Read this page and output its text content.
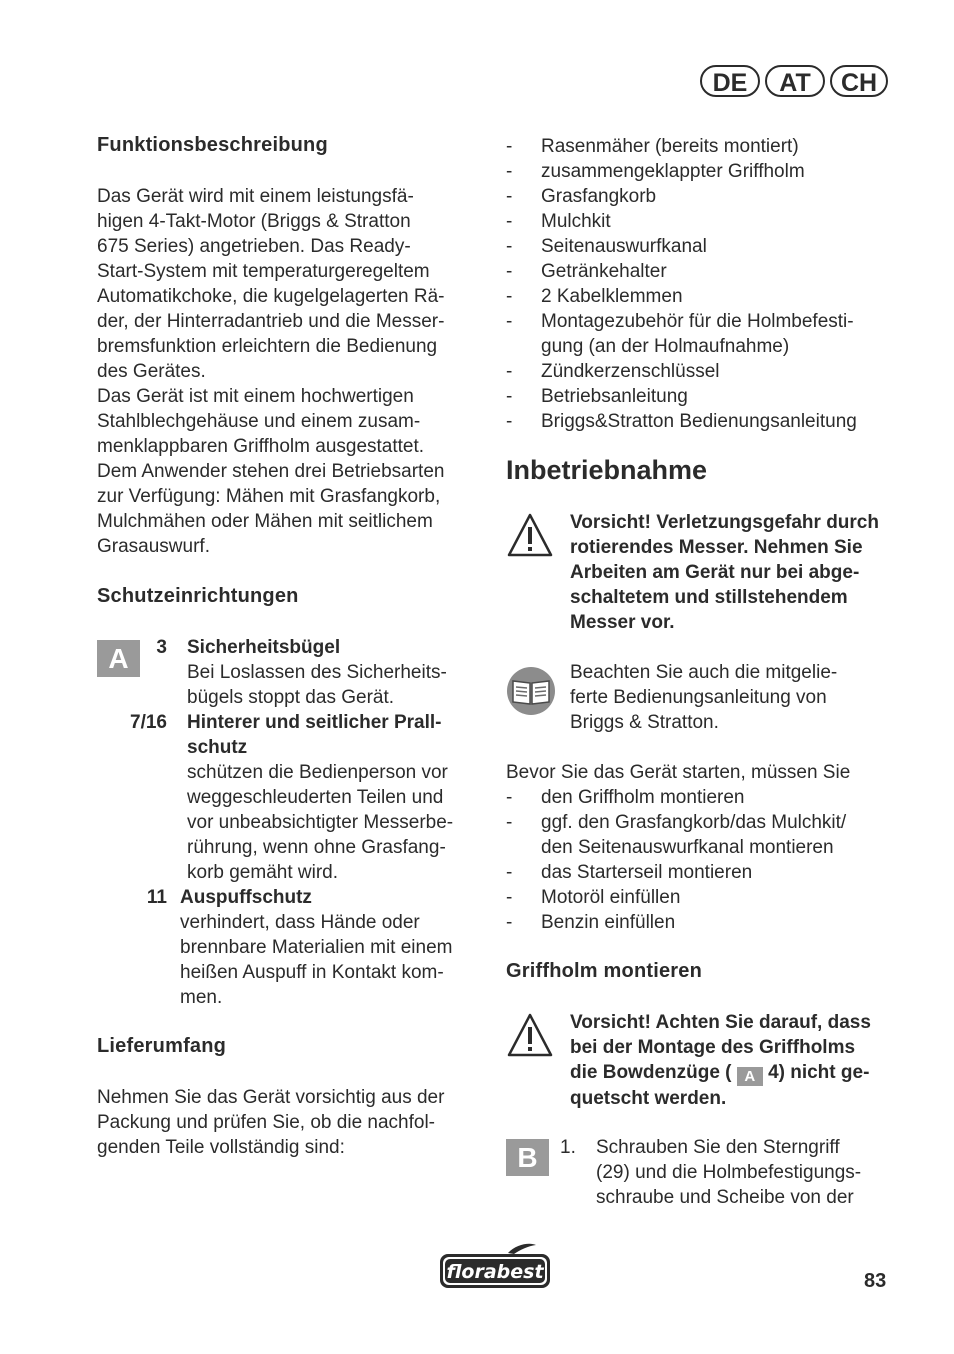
DE	AT	CH
Funktionsbeschreibung

Das Gerät wird mit einem leistungsfä-

higen 4-Takt-Motor (Briggs & Stratton

675 Series) angetrieben. Das Ready-

Start-System mit temperaturgeregeltem

Automatikchoke, die kugelgelagerten Rä-

der, der Hinterradantrieb und die Messer-

bremsfunktion erleichtern die Bedienung

des Gerätes.

Das Gerät ist mit einem hochwertigen

Stahlblechgehäuse und einem zusam-

menklappbaren Griffholm ausgestattet.

Dem Anwender stehen drei Betriebsarten

zur Verfügung: Mähen mit Grasfangkorb,

Mulchmähen oder Mähen mit seitlichem

Grasauswurf.

Schutzeinrichtungen
A	3 Sicherheitsbügel

Bei Loslassen des Sicherheits-

bügels stoppt das Gerät.

7/16 Hinterer und seitlicher Prall-

schutz

schützen die Bedienperson vor

weggeschleuderten Teilen und

vor unbeabsichtigter Messerbe-

rührung, wenn ohne Grasfang-

korb gemäht wird.

11 Auspuffschutz

verhindert, dass Hände oder

brennbare Materialien mit einem

heißen Auspuff in Kontakt kom-

men.

Lieferumfang

Nehmen Sie das Gerät vorsichtig aus der

Packung und prüfen Sie, ob die nachfol-

genden Teile vollständig sind:

- Rasenmäher (bereits montiert)
- zusammengeklappter Griffholm
- Grasfangkorb
- Mulchkit
- Seitenauswurfkanal
- Getränkehalter
- 2 Kabelklemmen
- Montagezubehör für die Holmbefesti-
gung (an der Holmaufnahme)
- Zündkerzenschlüssel
- Betriebsanleitung
- Briggs&Stratton Bedienungsanleitung
Inbetriebnahme

Vorsicht! Verletzungsgefahr durch

rotierendes Messer. Nehmen Sie

Arbeiten am Gerät nur bei abge-

schaltetem und stillstehendem

Messer vor.

Beachten Sie auch die mitgelie-

ferte Bedienungsanleitung von

Briggs & Stratton.

Bevor Sie das Gerät starten, müssen Sie

- den Griffholm montieren
- ggf. den Grasfangkorb/das Mulchkit/
den Seitenauswurfkanal montieren
- das Starterseil montieren
- Motoröl einfüllen
- Benzin einfüllen
Griffholm montieren

Vorsicht! Achten Sie darauf, dass

bei der Montage des Griffholms

die Bowdenzüge ( A 4) nicht ge-

quetscht werden.

B	1. Schrauben Sie den Sterngriff

(29) und die Holmbefestigungs-

schraube und Scheibe von der

florabest	83
